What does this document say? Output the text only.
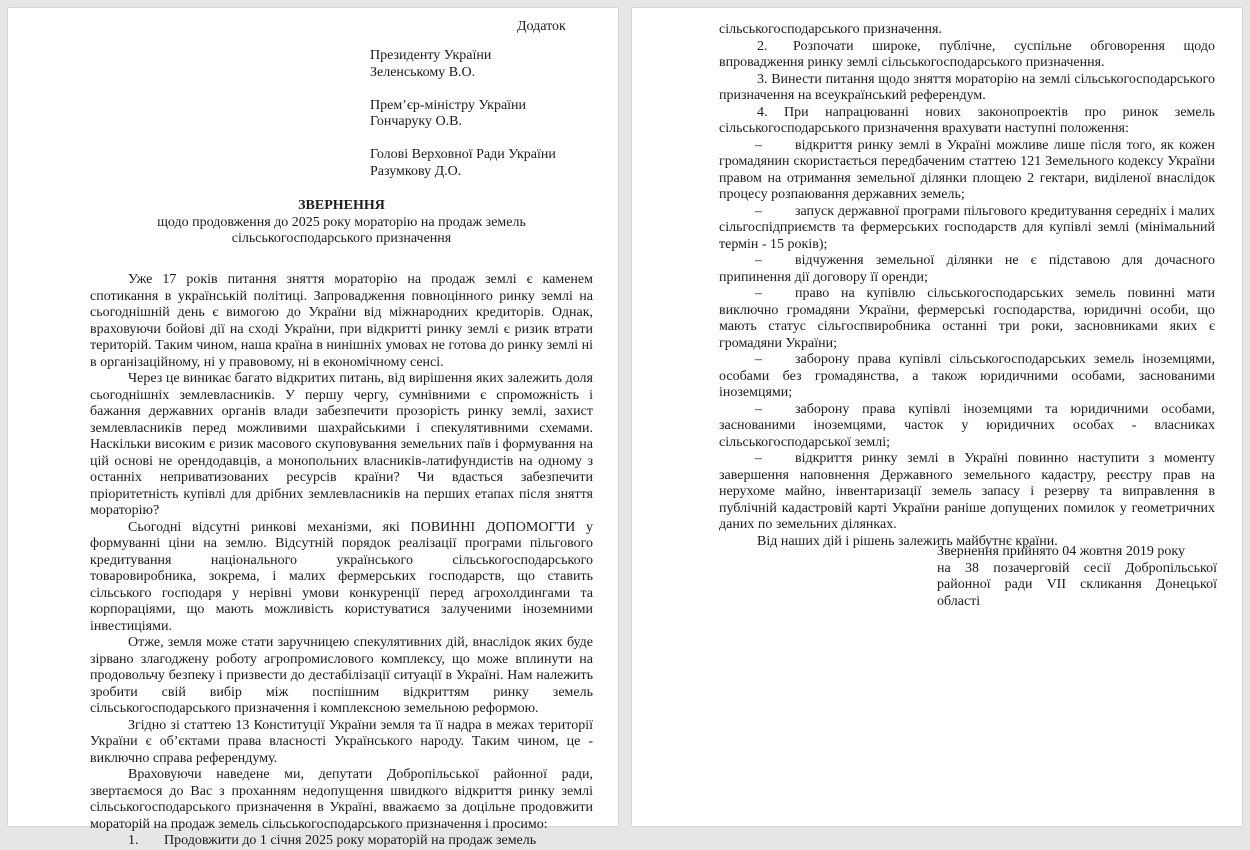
Додаток
Президенту України
Зеленському В.О.
Прем’єр-міністру України
Гончаруку О.В.
Голові Верховної Ради України
Разумкову Д.О.
ЗВЕРНЕННЯ
щодо продовження до 2025 року мораторію на продаж земель
сільськогосподарського призначення

Уже 17 років питання зняття мораторію на продаж землі є каменем спотикання в українській політиці. Запровадження повноцінного ринку землі на сьогоднішній день є вимогою до України від міжнародних кредиторів. Однак, враховуючи бойові дії на сході України, при відкритті ринку землі є ризик втрати територій. Таким чином, наша країна в нинішніх умовах не готова до ринку землі ні в організаційному, ні у правовому, ні в економічному сенсі.

Через це виникає багато відкритих питань, від вирішення яких залежить доля сьогоднішніх землевласників. У першу чергу, сумнівними є спроможність і бажання державних органів влади забезпечити прозорість ринку землі, захист землевласників перед можливими шахрайськими і спекулятивними схемами. Наскільки високим є ризик масового скуповування земельних паїв і формування на цій основі не орендодавців, а монопольних власників-латифундистів на одному з останніх неприватизованих ресурсів країни? Чи вдасться забезпечити пріоритетність купівлі для дрібних землевласників на перших етапах після зняття мораторію?

Сьогодні відсутні ринкові механізми, які ПОВИННІ ДОПОМОГТИ у формуванні ціни на землю. Відсутній порядок реалізації програми пільгового кредитування національного українського сільськогосподарського товаровиробника, зокрема, і малих фермерських господарств, що ставить сільського господаря у нерівні умови конкуренції перед агрохолдингами та корпораціями, що мають можливість користуватися залученими іноземними інвестиціями.

Отже, земля може стати заручницею спекулятивних дій, внаслідок яких буде зірвано злагоджену роботу агропромислового комплексу, що може вплинути на продовольчу безпеку і призвести до дестабілізації ситуації в Україні. Нам належить зробити свій вибір між поспішним відкриттям ринку земель сільськогосподарського призначення і комплексною земельною реформою.

Згідно зі статтею 13 Конституції України земля та її надра в межах території України є об’єктами права власності Українського народу. Таким чином, це - виключно справа референдуму.

Враховуючи наведене ми, депутати Добропільської районної ради, звертаємося до Вас з проханням недопущення швидкого відкриття ринку землі сільськогосподарського призначення в Україні, вважаємо за доцільне продовжити мораторій на продаж земель сільськогосподарського призначення і просимо:

1. Продовжити до 1 січня 2025 року мораторій на продаж земель

сільськогосподарського призначення.

2. Розпочати широке, публічне, суспільне обговорення щодо впровадження ринку землі сільськогосподарського призначення.

3. Винести питання щодо зняття мораторію на землі сільськогосподарського призначення на всеукраїнський референдум.

4. При напрацюванні нових законопроектів про ринок земель сільськогосподарського призначення врахувати наступні положення:

– відкриття ринку землі в Україні можливе лише після того, як кожен громадянин скористається передбаченим статтею 121 Земельного кодексу України правом на отримання земельної ділянки площею 2 гектари, виділеної внаслідок процесу розпаювання державних земель;

– запуск державної програми пільгового кредитування середніх і малих сільгоспідприємств та фермерських господарств для купівлі землі (мінімальний термін - 15 років);

– відчуження земельної ділянки не є підставою для дочасного припинення дії договору її оренди;

– право на купівлю сільськогосподарських земель повинні мати виключно громадяни України, фермерські господарства, юридичні особи, що мають статус сільгоспвиробника останні три роки, засновниками яких є громадяни України;

– заборону права купівлі сільськогосподарських земель іноземцями, особами без громадянства, а також юридичними особами, заснованими іноземцями;

– заборону права купівлі іноземцями та юридичними особами, заснованими іноземцями, часток у юридичних особах - власниках сільськогосподарської землі;

– відкриття ринку землі в Україні повинно наступити з моменту завершення наповнення Державного земельного кадастру, реєстру прав на нерухоме майно, інвентаризації земель запасу і резерву та виправлення в публічній кадастровій карті України раніше допущених помилок у геометричних даних по земельних ділянках.

Від наших дій і рішень залежить майбутнє країни.

Звернення прийнято 04 жовтня 2019 року

на 38 позачерговій сесії Добропільської районної ради VII скликання Донецької області
